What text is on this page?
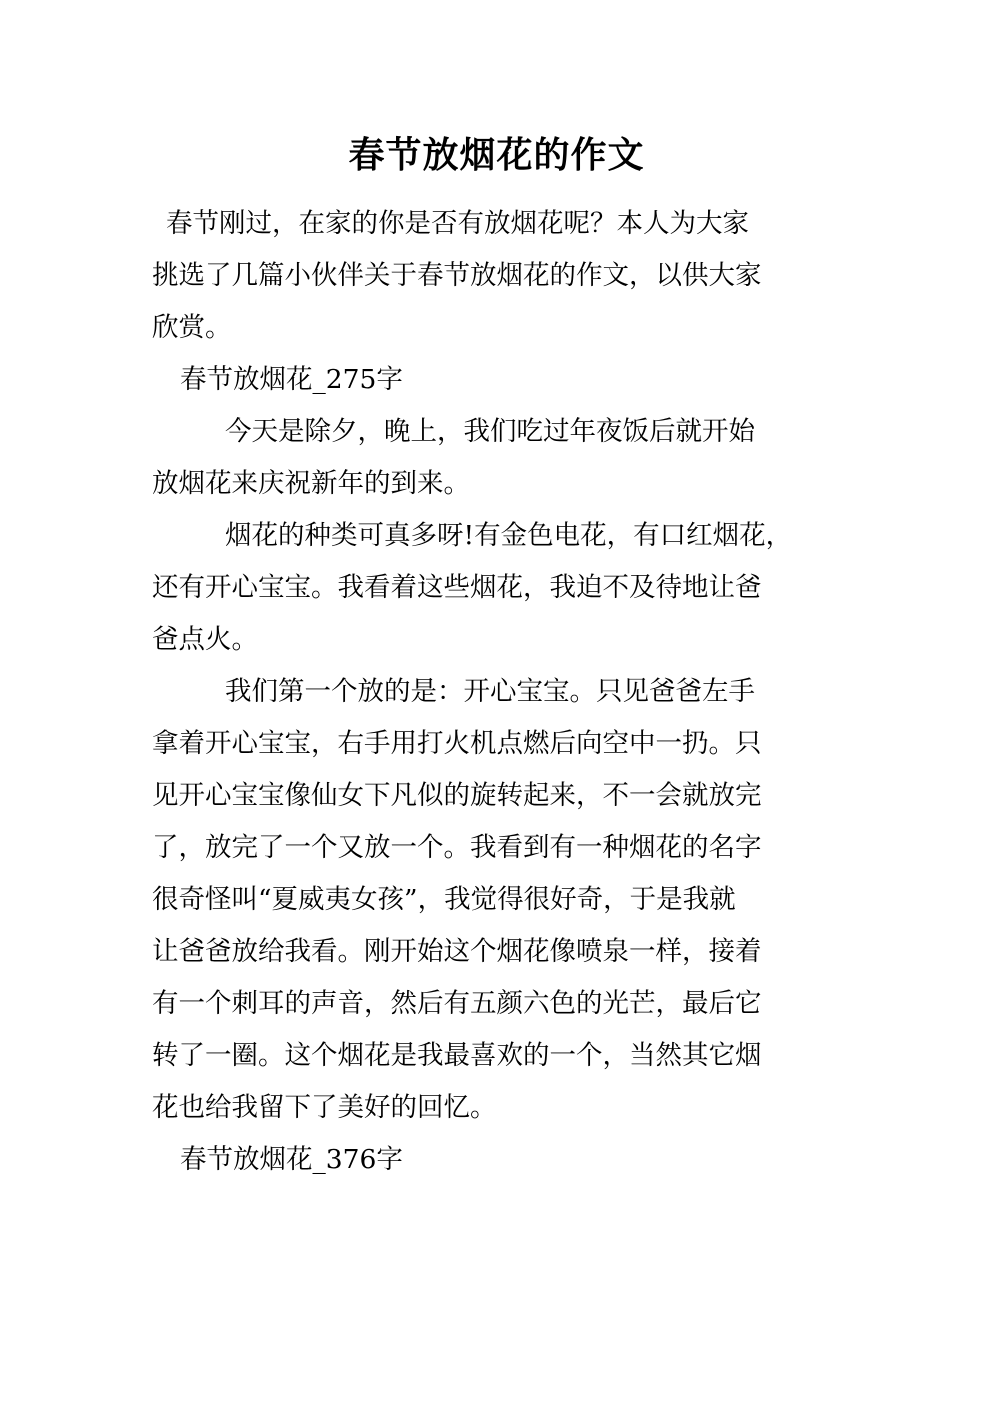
春节放烟花的作文
春节刚过，在家的你是否有放烟花呢？本人为大家
挑选了几篇小伙伴关于春节放烟花的作文，以供大家
欣赏。
春节放烟花_275字
今天是除夕，晚上，我们吃过年夜饭后就开始
放烟花来庆祝新年的到来。
烟花的种类可真多呀!有金色电花，有口红烟花，
还有开心宝宝。我看着这些烟花，我迫不及待地让爸
爸点火。
我们第一个放的是：开心宝宝。只见爸爸左手
拿着开心宝宝，右手用打火机点燃后向空中一扔。只
见开心宝宝像仙女下凡似的旋转起来，不一会就放完
了，放完了一个又放一个。我看到有一种烟花的名字
很奇怪叫“夏威夷女孩”，我觉得很好奇，于是我就
让爸爸放给我看。刚开始这个烟花像喷泉一样，接着
有一个刺耳的声音，然后有五颜六色的光芒，最后它
转了一圈。这个烟花是我最喜欢的一个，当然其它烟
花也给我留下了美好的回忆。
春节放烟花_376字
